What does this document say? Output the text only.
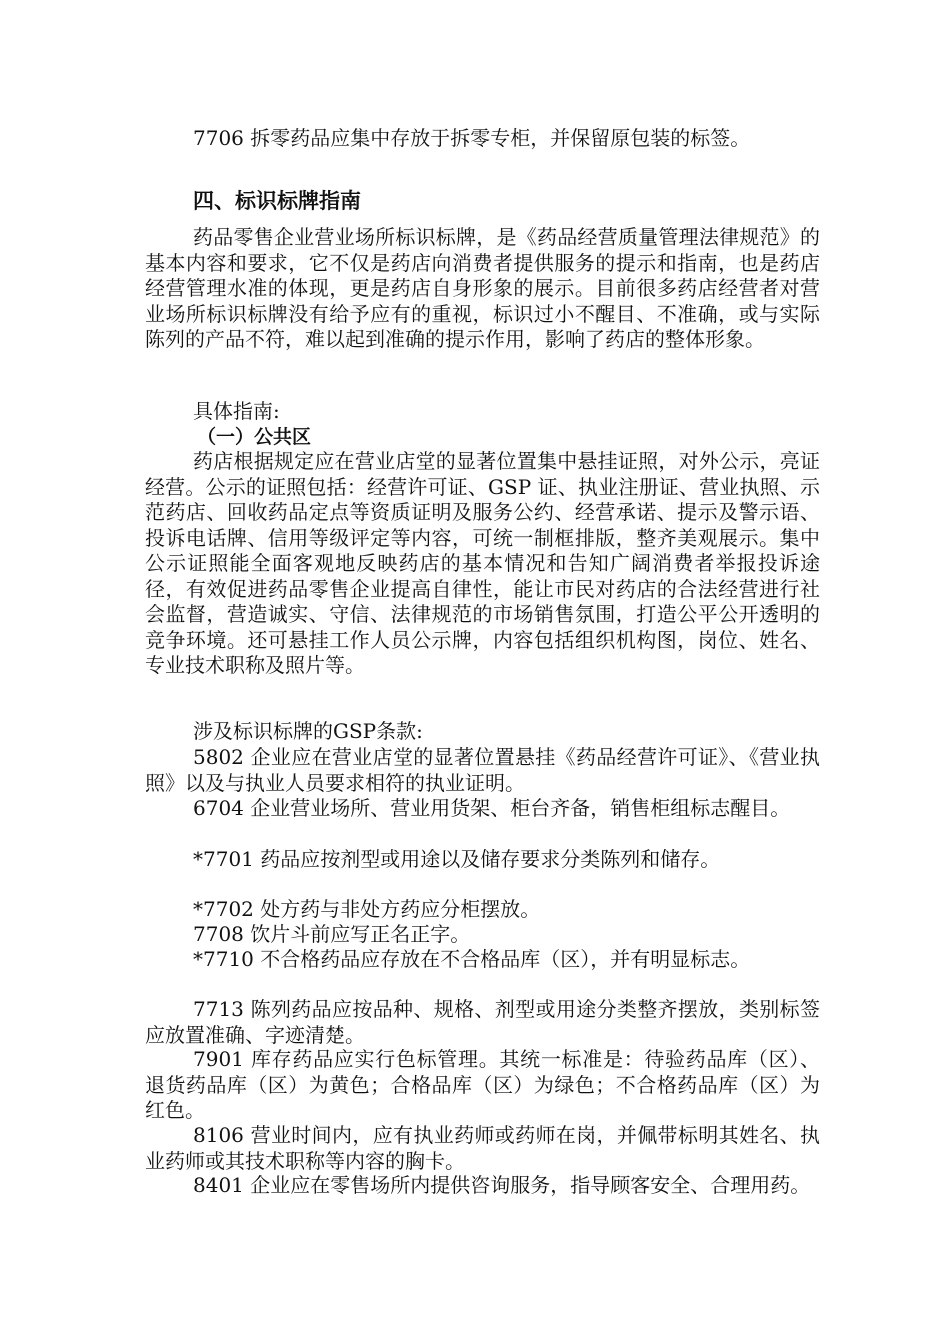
7706 拆零药品应集中存放于拆零专柜，并保留原包装的标签。

四、标识标牌指南

药品零售企业营业场所标识标牌，是《药品经营质量管理法律规范》的基本内容和要求，它不仅是药店向消费者提供服务的提示和指南，也是药店经营管理水准的体现，更是药店自身形象的展示。目前很多药店经营者对营业场所标识标牌没有给予应有的重视，标识过小不醒目、不准确，或与实际陈列的产品不符，难以起到准确的提示作用，影响了药店的整体形象。

具体指南:

（一）公共区

药店根据规定应在营业店堂的显著位置集中悬挂证照，对外公示，亮证经营。公示的证照包括：经营许可证、GSP 证、执业注册证、营业执照、示范药店、回收药品定点等资质证明及服务公约、经营承诺、提示及警示语、投诉电话牌、信用等级评定等内容，可统一制框排版，整齐美观展示。集中公示证照能全面客观地反映药店的基本情况和告知广阔消费者举报投诉途径，有效促进药品零售企业提高自律性，能让市民对药店的合法经营进行社会监督，营造诚实、守信、法律规范的市场销售氛围，打造公平公开透明的竞争环境。还可悬挂工作人员公示牌，内容包括组织机构图，岗位、姓名、专业技术职称及照片等。

涉及标识标牌的GSP条款:

5802 企业应在营业店堂的显著位置悬挂《药品经营许可证》、《营业执照》以及与执业人员要求相符的执业证明。

6704 企业营业场所、营业用货架、柜台齐备，销售柜组标志醒目。

*7701 药品应按剂型或用途以及储存要求分类陈列和储存。

*7702 处方药与非处方药应分柜摆放。

7708 饮片斗前应写正名正字。

*7710 不合格药品应存放在不合格品库（区），并有明显标志。

7713 陈列药品应按品种、规格、剂型或用途分类整齐摆放，类别标签应放置准确、字迹清楚。

7901 库存药品应实行色标管理。其统一标准是：待验药品库（区）、退货药品库（区）为黄色；合格品库（区）为绿色；不合格药品库（区）为红色。

8106 营业时间内，应有执业药师或药师在岗，并佩带标明其姓名、执业药师或其技术职称等内容的胸卡。

8401 企业应在零售场所内提供咨询服务，指导顾客安全、合理用药。
